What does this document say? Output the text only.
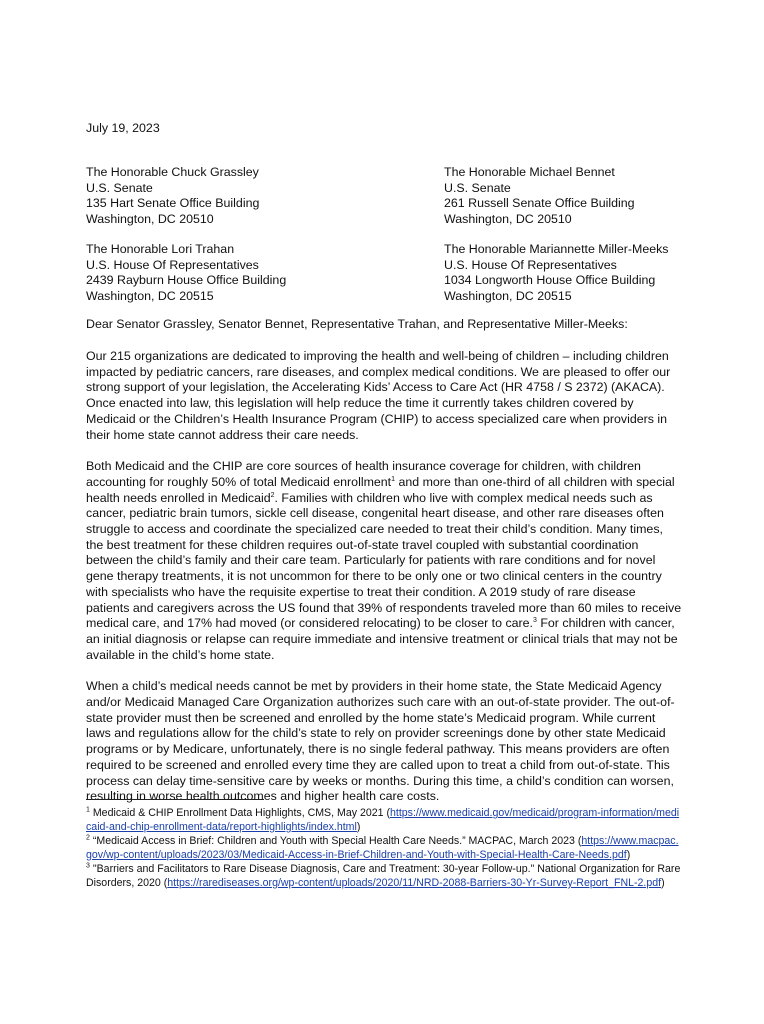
July 19, 2023
The Honorable Chuck Grassley
U.S. Senate
135 Hart Senate Office Building
Washington, DC 20510
The Honorable Michael Bennet
U.S. Senate
261 Russell Senate Office Building
Washington, DC 20510
The Honorable Lori Trahan
U.S. House Of Representatives
2439 Rayburn House Office Building
Washington, DC 20515
The Honorable Mariannette Miller-Meeks
U.S. House Of Representatives
1034 Longworth House Office Building
Washington, DC 20515
Dear Senator Grassley, Senator Bennet, Representative Trahan, and Representative Miller-Meeks:

Our 215 organizations are dedicated to improving the health and well-being of children – including children impacted by pediatric cancers, rare diseases, and complex medical conditions. We are pleased to offer our strong support of your legislation, the Accelerating Kids’ Access to Care Act (HR 4758 / S 2372) (AKACA). Once enacted into law, this legislation will help reduce the time it currently takes children covered by Medicaid or the Children’s Health Insurance Program (CHIP) to access specialized care when providers in their home state cannot address their care needs.

Both Medicaid and the CHIP are core sources of health insurance coverage for children, with children accounting for roughly 50% of total Medicaid enrollment$^1$ and more than one-third of all children with special health needs enrolled in Medicaid$^2$. Families with children who live with complex medical needs such as cancer, pediatric brain tumors, sickle cell disease, congenital heart disease, and other rare diseases often struggle to access and coordinate the specialized care needed to treat their child’s condition. Many times, the best treatment for these children requires out-of-state travel coupled with substantial coordination between the child’s family and their care team. Particularly for patients with rare conditions and for novel gene therapy treatments, it is not uncommon for there to be only one or two clinical centers in the country with specialists who have the requisite expertise to treat their condition. A 2019 study of rare disease patients and caregivers across the US found that 39% of respondents traveled more than 60 miles to receive medical care, and 17% had moved (or considered relocating) to be closer to care.$^3$ For children with cancer, an initial diagnosis or relapse can require immediate and intensive treatment or clinical trials that may not be available in the child’s home state.

When a child’s medical needs cannot be met by providers in their home state, the State Medicaid Agency and/or Medicaid Managed Care Organization authorizes such care with an out-of-state provider. The out-of-state provider must then be screened and enrolled by the home state’s Medicaid program. While current laws and regulations allow for the child’s state to rely on provider screenings done by other state Medicaid programs or by Medicare, unfortunately, there is no single federal pathway. This means providers are often required to be screened and enrolled every time they are called upon to treat a child from out-of-state. This process can delay time-sensitive care by weeks or months. During this time, a child’s condition can worsen, resulting in worse health outcomes and higher health care costs.

$^1$ Medicaid & CHIP Enrollment Data Highlights, CMS, May 2021 (https://www.medicaid.gov/medicaid/program-information/medicaid-and-chip-enrollment-data/report-highlights/index.html)
$^2$ “Medicaid Access in Brief: Children and Youth with Special Health Care Needs.” MACPAC, March 2023 (https://www.macpac.gov/wp-content/uploads/2023/03/Medicaid-Access-in-Brief-Children-and-Youth-with-Special-Health-Care-Needs.pdf)
$^3$ "Barriers and Facilitators to Rare Disease Diagnosis, Care and Treatment: 30-year Follow-up." National Organization for Rare Disorders, 2020 (https://rarediseases.org/wp-content/uploads/2020/11/NRD-2088-Barriers-30-Yr-Survey-Report_FNL-2.pdf)
